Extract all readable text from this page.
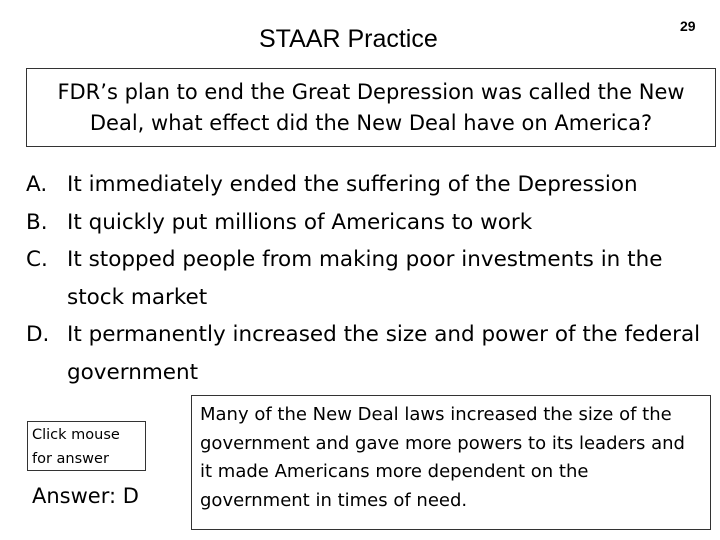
STAAR Practice	29
FDR’s plan to end the Great Depression was called the New Deal, what effect did the New Deal have on America?
A. It immediately ended the suffering of the Depression
B. It quickly put millions of Americans to work
C. It stopped people from making poor investments in the stock market
D. It permanently increased the size and power of the federal government
Click mouse for answer
Answer: D
Many of the New Deal laws increased the size of the government and gave more powers to its leaders and it made Americans more dependent on the government in times of need.
